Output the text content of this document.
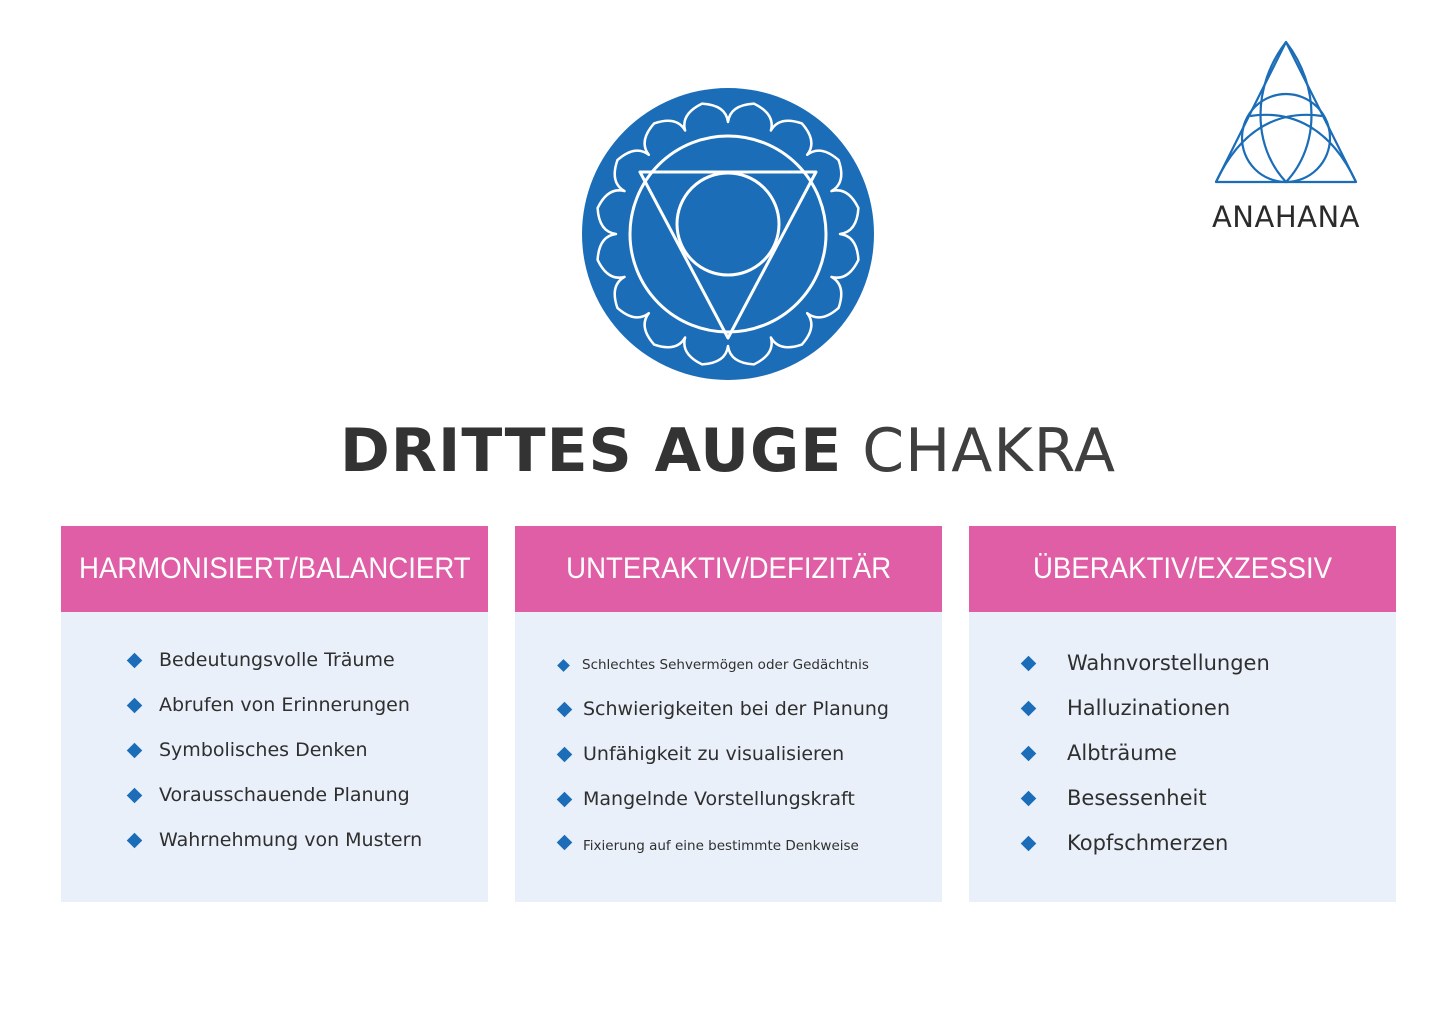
ANAHANA
DRITTES AUGE CHAKRA
HARMONISIERT/BALANCIERT
Bedeutungsvolle Träume
Abrufen von Erinnerungen
Symbolisches Denken
Vorausschauende Planung
Wahrnehmung von Mustern
UNTERAKTIV/DEFIZITÄR
Schlechtes Sehvermögen oder Gedächtnis
Schwierigkeiten bei der Planung
Unfähigkeit zu visualisieren
Mangelnde Vorstellungskraft
Fixierung auf eine bestimmte Denkweise
ÜBERAKTIV/EXZESSIV
Wahnvorstellungen
Halluzinationen
Albträume
Besessenheit
Kopfschmerzen
